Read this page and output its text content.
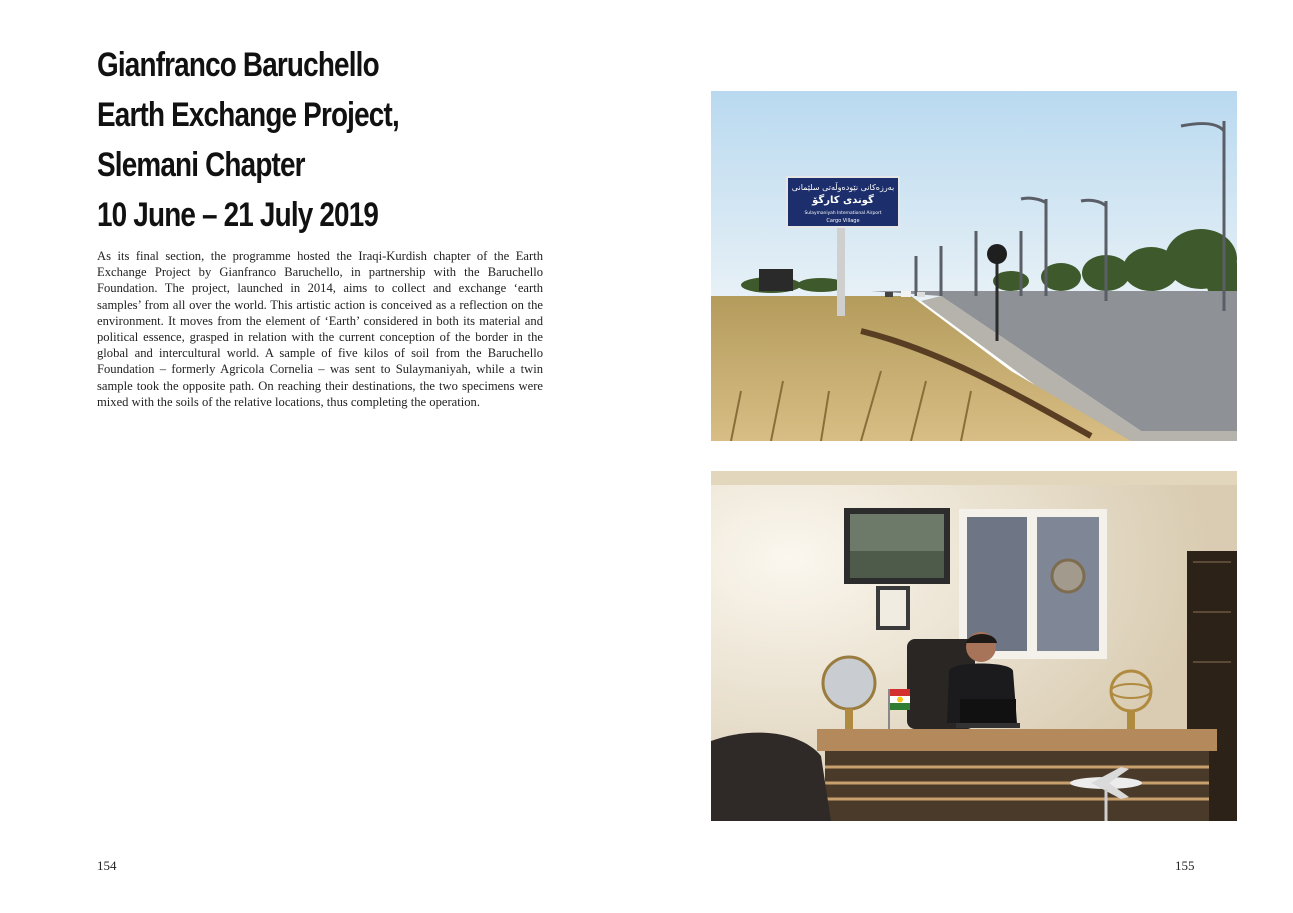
Gianfranco Baruchello
Earth Exchange Project,
Slemani Chapter
10 June – 21 July 2019

As its final section, the programme hosted the Iraqi-Kurdish chapter of the Earth Exchange Project by Gianfranco Baruchello, in partnership with the Baruchello Foundation. The project, launched in 2014, aims to collect and exchange ‘earth samples’ from all over the world. This artistic action is conceived as a reflection on the environment. It moves from the element of ‘Earth’ considered in both its material and political essence, grasped in relation with the current conception of the border in the global and intercultural world. A sample of five kilos of soil from the Baruchello Foundation – formerly Agricola Cornelia – was sent to Sulaymaniyah, while a twin sample took the opposite path. On reaching their destinations, the two specimens were mixed with the soils of the relative locations, thus completing the operation.

154
بەرزەکانی نێودەوڵەتی سلێمانی
گوندی کارگۆ
Sulaymaniyah International Airport
Cargo Village
155
